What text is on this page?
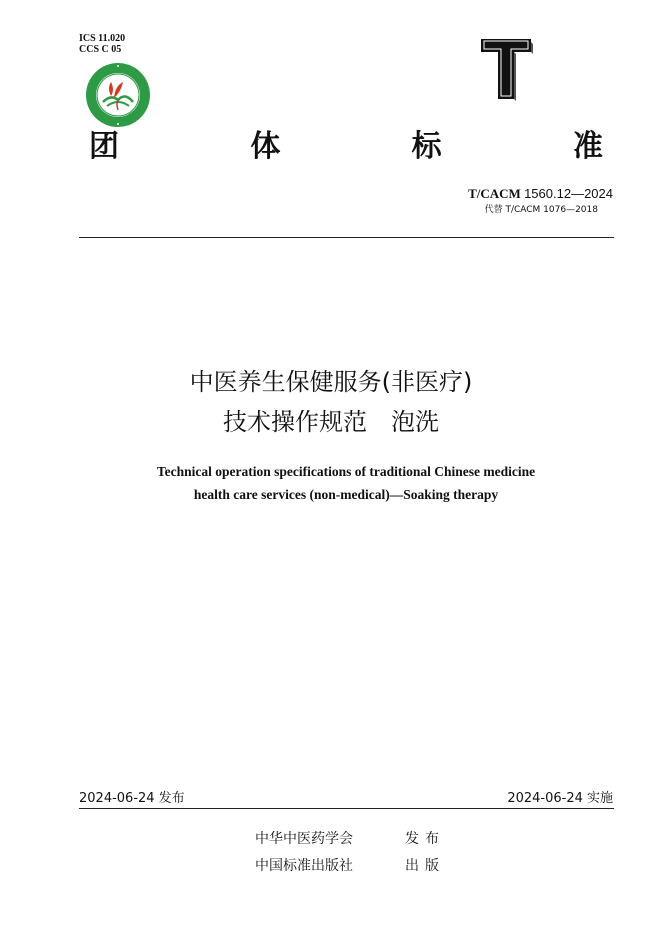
ICS 11.020
CCS C 05
团	体	标	准
T/CACM 1560.12—2024
代替 T/CACM 1076—2018
中医养生保健服务(非医疗)
技术操作规范　泡洗
Technical operation specifications of traditional Chinese medicine
health care services (non-medical)—Soaking therapy
2024-06-24 发布	2024-06-24 实施
中华中医药学会	发布
中国标准出版社	出版
